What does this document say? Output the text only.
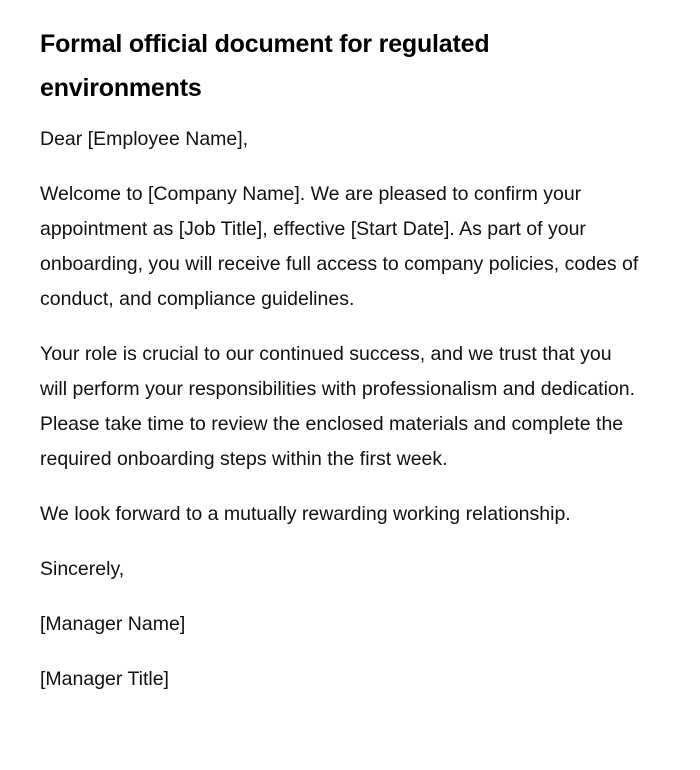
Formal official document for regulated environments

Dear [Employee Name],

Welcome to [Company Name]. We are pleased to confirm your appointment as [Job Title], effective [Start Date]. As part of your onboarding, you will receive full access to company policies, codes of conduct, and compliance guidelines.

Your role is crucial to our continued success, and we trust that you will perform your responsibilities with professionalism and dedication. Please take time to review the enclosed materials and complete the required onboarding steps within the first week.

We look forward to a mutually rewarding working relationship.

Sincerely,

[Manager Name]

[Manager Title]
